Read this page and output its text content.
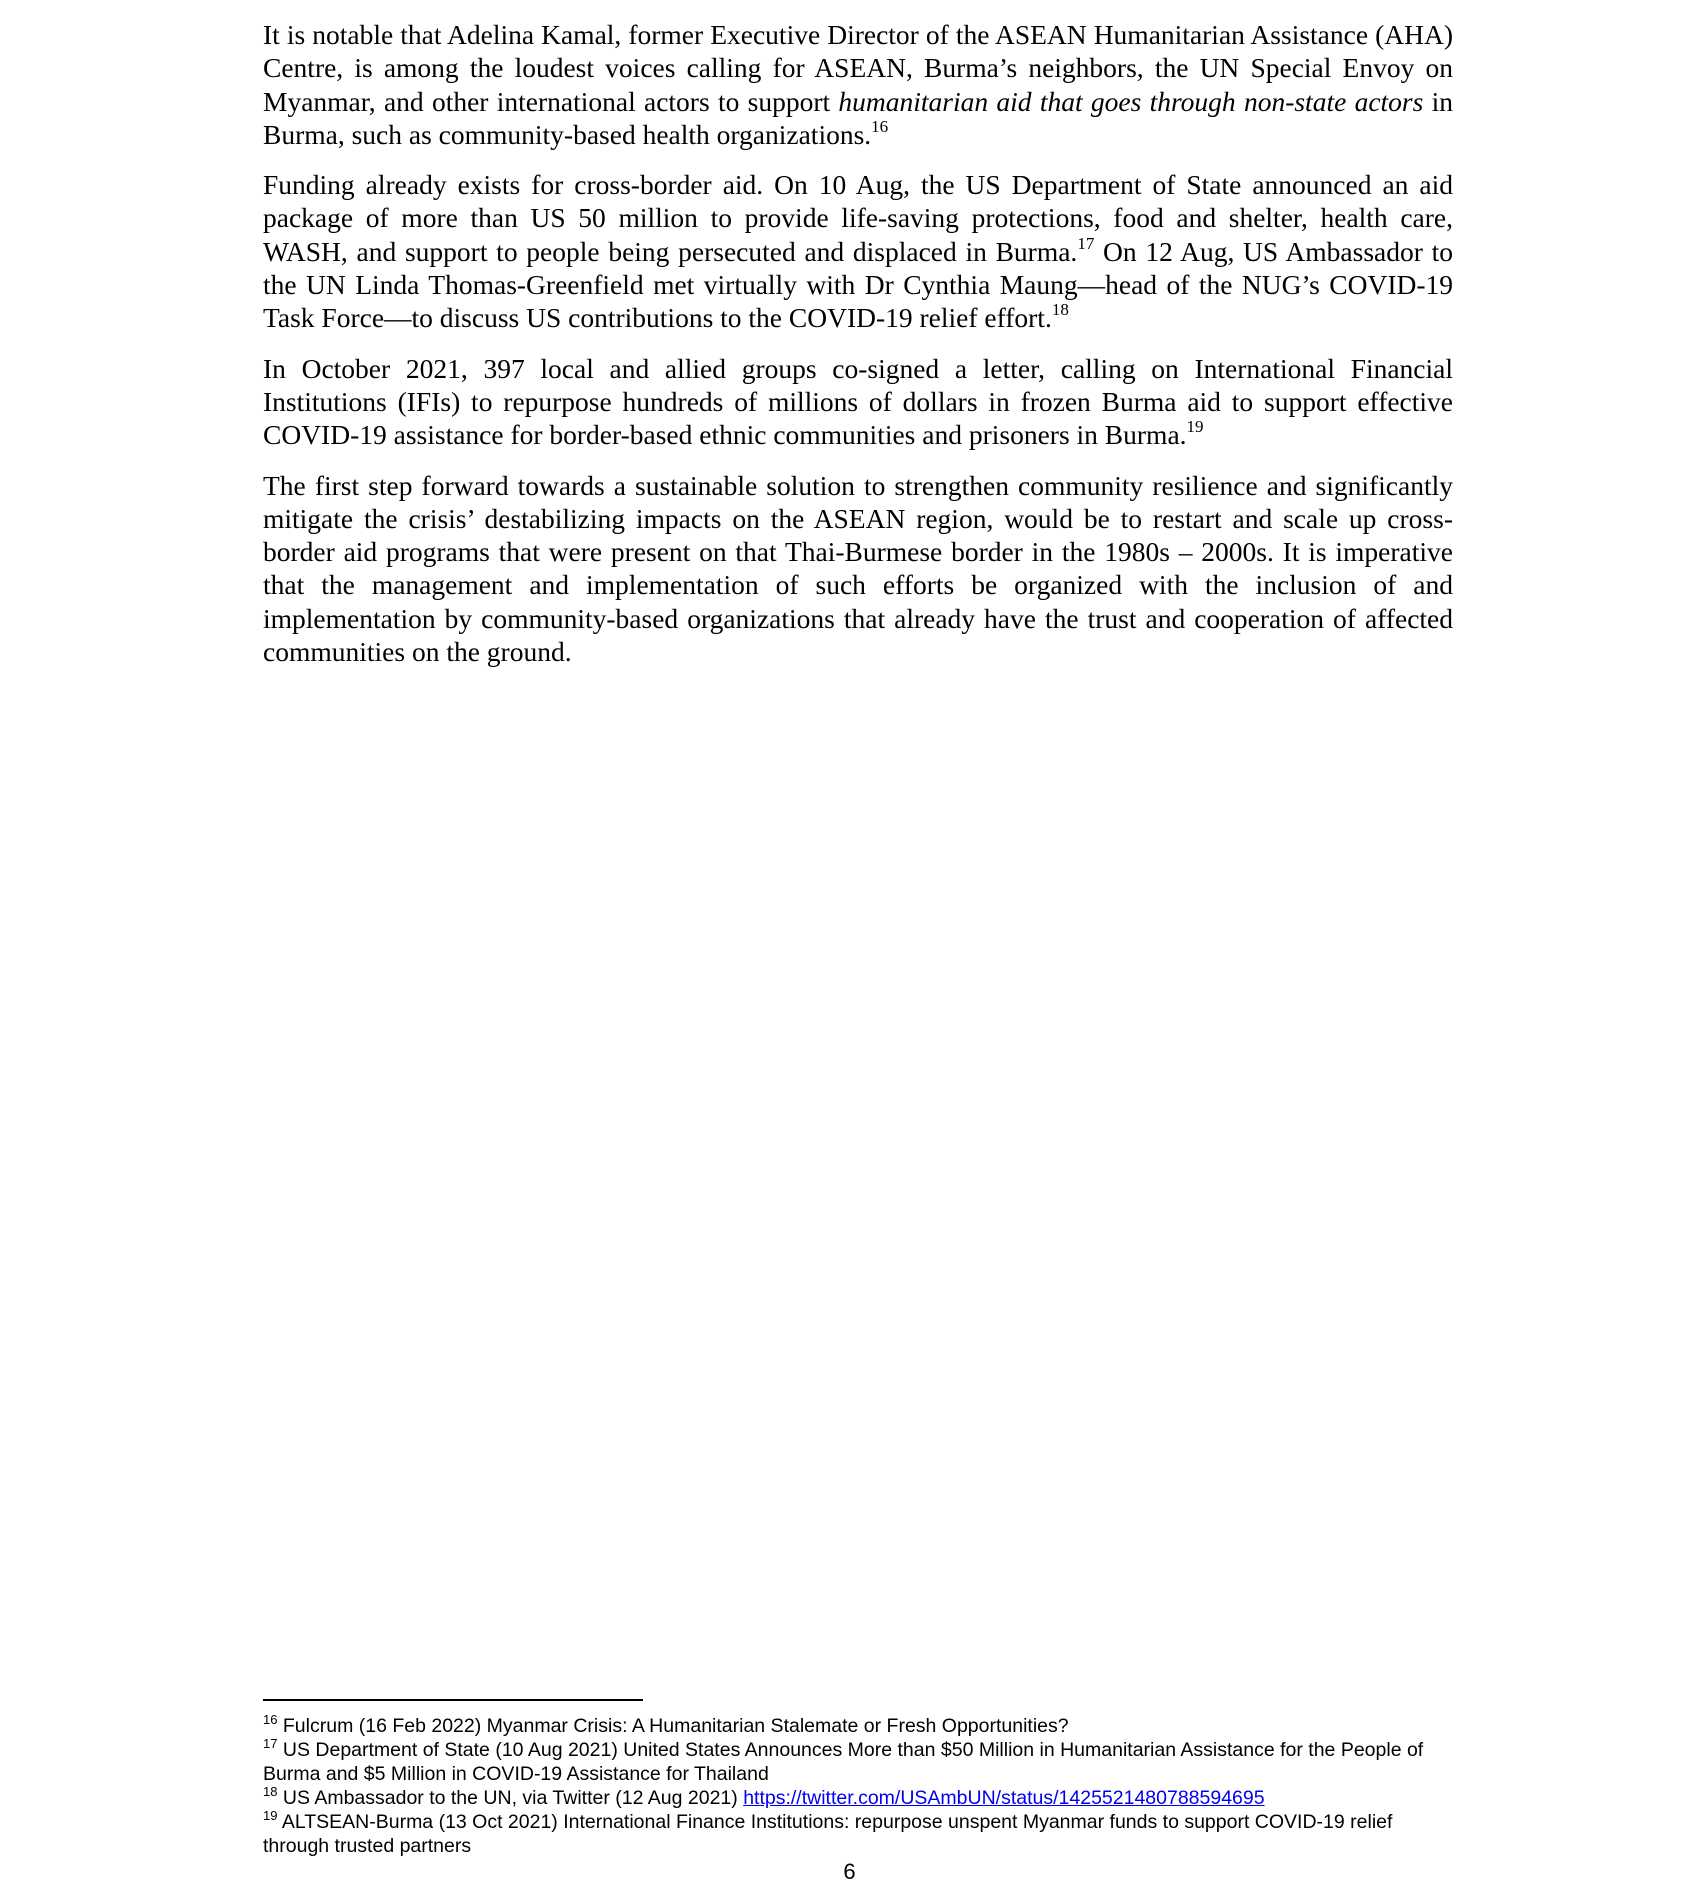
It is notable that Adelina Kamal, former Executive Director of the ASEAN Humanitarian Assistance (AHA) Centre, is among the loudest voices calling for ASEAN, Burma’s neighbors, the UN Special Envoy on Myanmar, and other international actors to support humanitarian aid that goes through non-state actors in Burma, such as community-based health organizations.$^{16}$

Funding already exists for cross-border aid. On 10 Aug, the US Department of State announced an aid package of more than US 50 million to provide life-saving protections, food and shelter, health care, WASH, and support to people being persecuted and displaced in Burma.$^{17}$ On 12 Aug, US Ambassador to the UN Linda Thomas-Greenfield met virtually with Dr Cynthia Maung—head of the NUG’s COVID-19 Task Force—to discuss US contributions to the COVID-19 relief effort.$^{18}$

In October 2021, 397 local and allied groups co-signed a letter, calling on International Financial Institutions (IFIs) to repurpose hundreds of millions of dollars in frozen Burma aid to support effective COVID-19 assistance for border-based ethnic communities and prisoners in Burma.$^{19}$

The first step forward towards a sustainable solution to strengthen community resilience and significantly mitigate the crisis’ destabilizing impacts on the ASEAN region, would be to restart and scale up cross-border aid programs that were present on that Thai-Burmese border in the 1980s – 2000s. It is imperative that the management and implementation of such efforts be organized with the inclusion of and implementation by community-based organizations that already have the trust and cooperation of affected communities on the ground.

$^{16}$ Fulcrum (16 Feb 2022) Myanmar Crisis: A Humanitarian Stalemate or Fresh Opportunities?

$^{17}$ US Department of State (10 Aug 2021) United States Announces More than $50 Million in Humanitarian Assistance for the People of Burma and $5 Million in COVID-19 Assistance for Thailand

$^{18}$ US Ambassador to the UN, via Twitter (12 Aug 2021) https://twitter.com/USAmbUN/status/1425521480788594695

$^{19}$ ALTSEAN-Burma (13 Oct 2021) International Finance Institutions: repurpose unspent Myanmar funds to support COVID-19 relief through trusted partners

6
